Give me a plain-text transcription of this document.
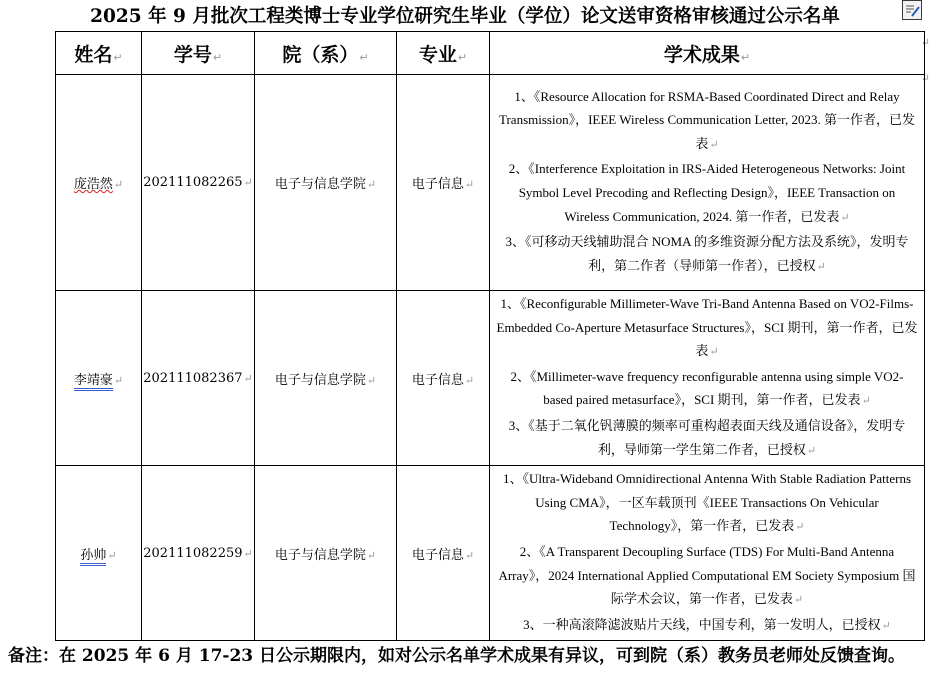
2025 年 9 月批次工程类博士专业学位研究生毕业（学位）论文送审资格审核通过公示名单
↵
↵
姓名↵	学号↵	院（系）↵	专业↵	学术成果↵
庞浩然↵	202111082265↵	电子与信息学院↵	电子信息↵	1、《Resource Allocation for RSMA-Based Coordinated Direct and Relay Transmission》，IEEE Wireless Communication Letter, 2023. 第一作者，已发表↵
2、《Interference Exploitation in IRS-Aided Heterogeneous Networks: Joint Symbol Level Precoding and Reflecting Design》，IEEE Transaction on Wireless Communication, 2024. 第一作者，已发表↵
3、《可移动天线辅助混合 NOMA 的多维资源分配方法及系统》，发明专利，第二作者（导师第一作者），已授权↵

李靖豪↵	202111082367↵	电子与信息学院↵	电子信息↵	1、《Reconfigurable Millimeter-Wave Tri-Band Antenna Based on VO2-Films-Embedded Co-Aperture Metasurface Structures》，SCI 期刊，第一作者，已发表↵
2、《Millimeter-wave frequency reconfigurable antenna using simple VO2-based paired metasurface》，SCI 期刊，第一作者，已发表↵
3、《基于二氧化钒薄膜的频率可重构超表面天线及通信设备》，发明专利，导师第一学生第二作者，已授权↵

孙帅↵	202111082259↵	电子与信息学院↵	电子信息↵	1、《Ultra-Wideband Omnidirectional Antenna With Stable Radiation Patterns Using CMA》，一区车载顶刊《IEEE Transactions On Vehicular Technology》，第一作者，已发表↵
2、《A Transparent Decoupling Surface (TDS) For Multi-Band Antenna Array》，2024 International Applied Computational EM Society Symposium 国际学术会议，第一作者，已发表↵
3、一种高滚降滤波贴片天线，中国专利，第一发明人，已授权↵
备注：在 2025 年 6 月 17-23 日公示期限内，如对公示名单学术成果有异议，可到院（系）教务员老师处反馈查询。
